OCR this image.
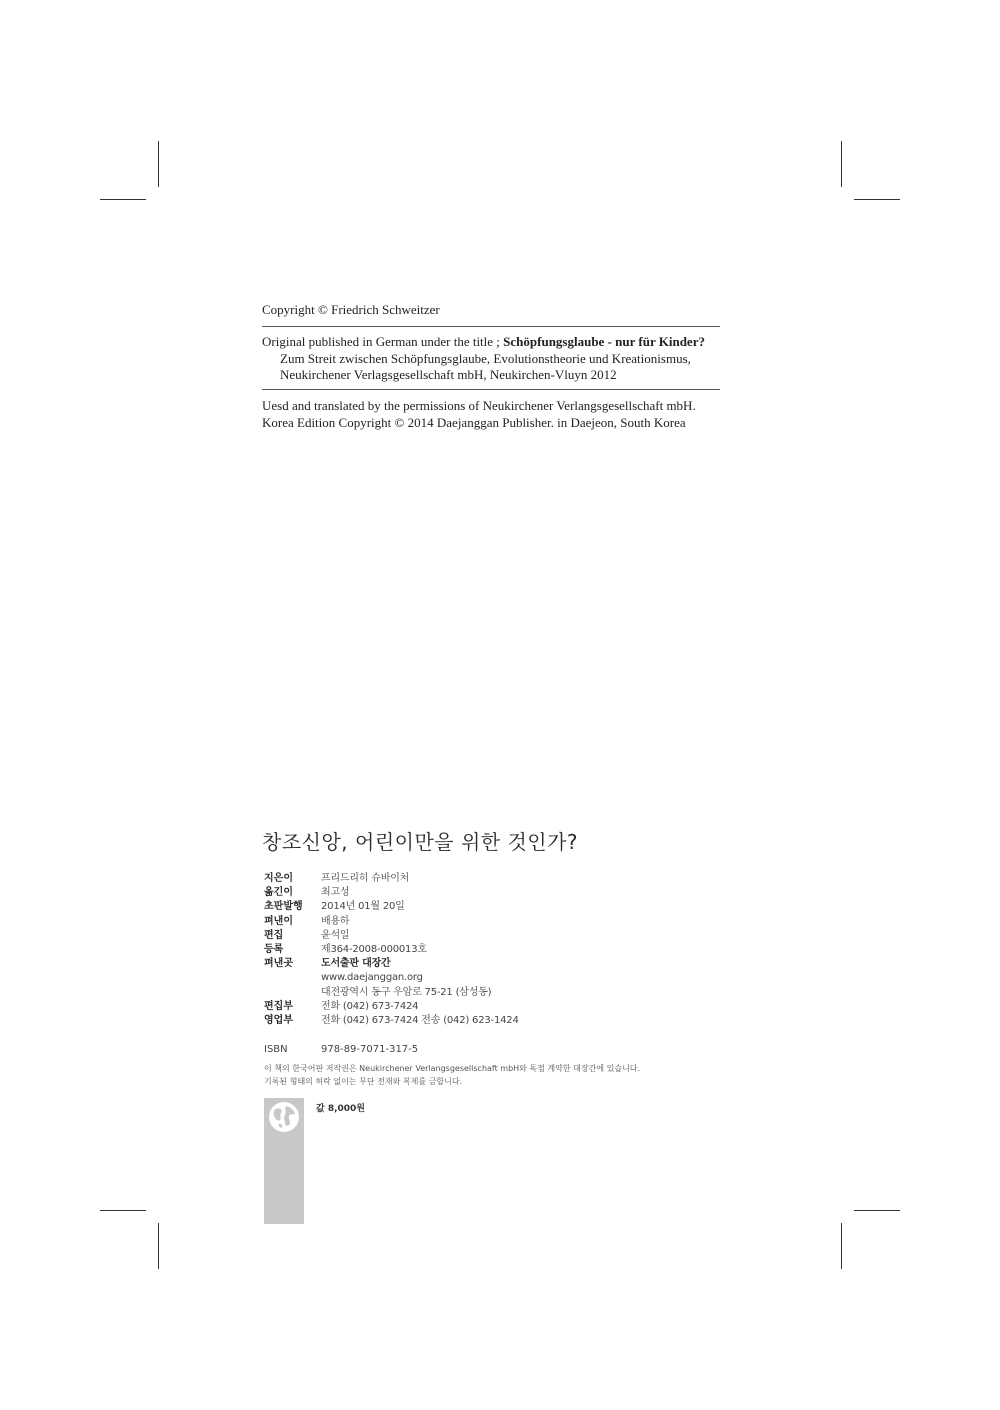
Copyright © Friedrich Schweitzer
Original published in German under the title ; Schöpfungsglaube - nur für Kinder?
Zum Streit zwischen Schöpfungsglaube, Evolutionstheorie und Kreationismus,
Neukirchener Verlagsgesellschaft mbH, Neukirchen-Vluyn 2012
Uesd and translated by the permissions of Neukirchener Verlangsgesellschaft mbH.
Korea Edition Copyright © 2014 Daejanggan Publisher. in Daejeon, South Korea
창조신앙, 어린이만을 위한 것인가?
지은이	프리드리히 슈바이처
옮긴이	최고성
초판발행	2014년 01월 20일
펴낸이	배용하
편집	윤석일
등록	제364-2008-000013호
펴낸곳	도서출판 대장간
www.daejanggan.org
대전광역시 동구 우암로 75-21 (삼성동)
편집부	전화 (042) 673-7424
영업부	전화 (042) 673-7424 전송 (042) 623-1424
ISBN	978-89-7071-317-5
이 책의 한국어판 저작권은 Neukirchener Verlangsgesellschaft mbH와 독점 계약한 대장간에 있습니다.
기록된 형태의 허락 없이는 무단 전재와 복제를 금합니다.
값 8,000원
